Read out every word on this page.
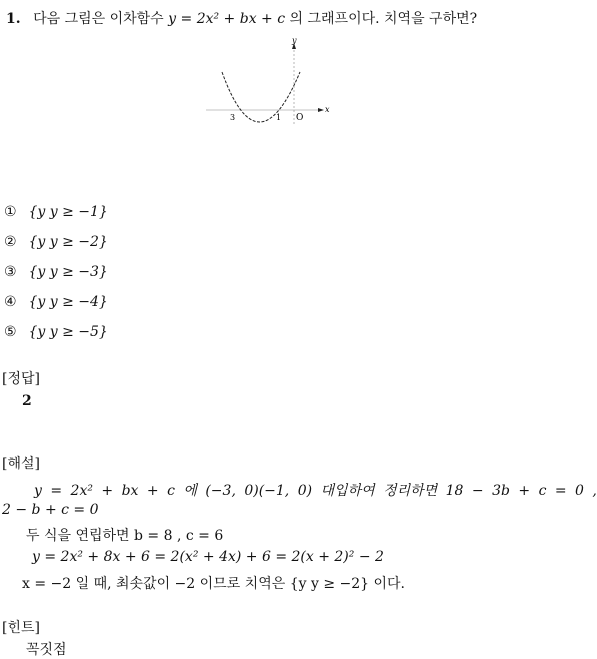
1. 다음 그림은 이차함수 y = 2x² + bx + c 의 그래프이다. 치역을 구하면?
y
x
3	1 O
① {y y ≥ −1}
② {y y ≥ −2}
③ {y y ≥ −3}
④ {y y ≥ −4}
⑤ {y y ≥ −5}
[정답]
2
[해설]
y = 2x² + bx + c 에 (−3, 0)(−1, 0) 대입하여 정리하면 18 − 3b + c = 0 ,
2 − b + c = 0
두 식을 연립하면 b = 8 , c = 6
y = 2x² + 8x + 6 = 2(x² + 4x) + 6 = 2(x + 2)² − 2
x = −2 일 때, 최솟값이 −2 이므로 치역은 {y y ≥ −2} 이다.
[힌트]
꼭짓점
